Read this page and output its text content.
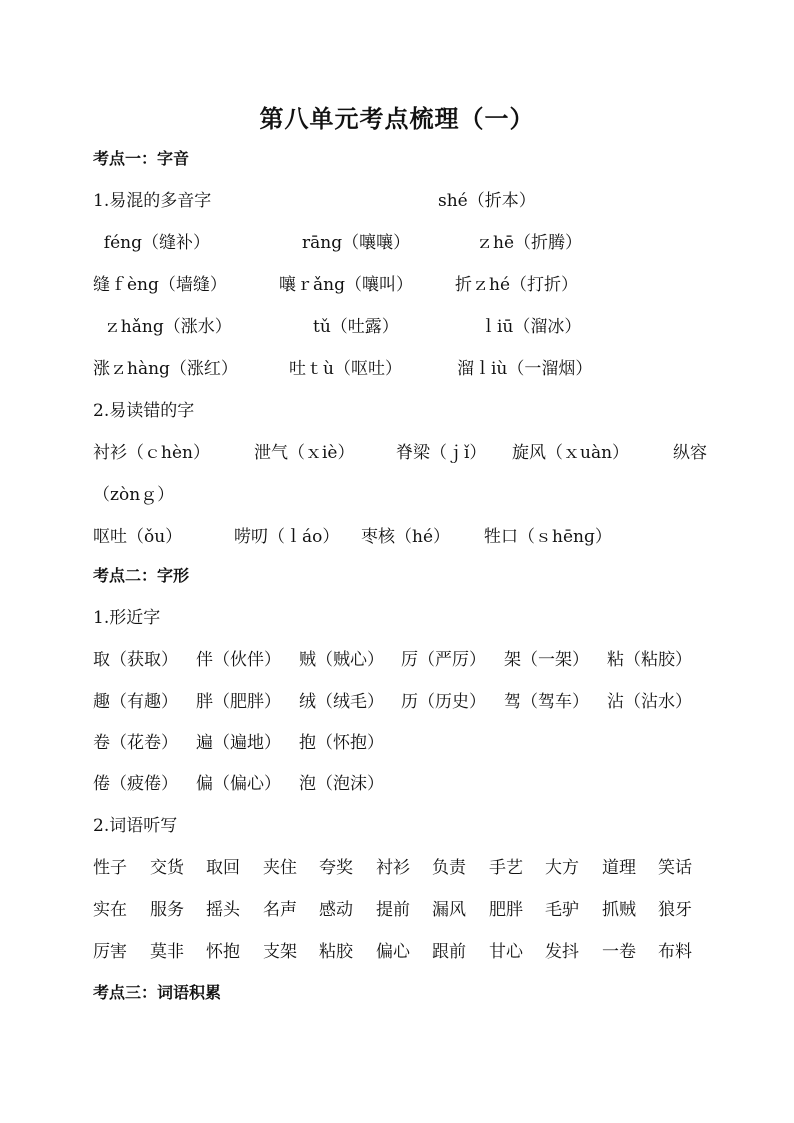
第八单元考点梳理（一）
考点一：字音
1.易混的多音字	shé（折本）
féng（缝补）	rāng（嚷嚷）	ｚhē（折腾）
缝ｆèng（墙缝）	嚷ｒǎng（嚷叫） 折ｚhé（打折）
ｚhǎng（涨水）	tǔ（吐露）	ｌiū（溜冰）
涨ｚhàng（涨红）	吐ｔù（呕吐）	溜ｌiù（一溜烟）
2.易读错的字
衬衫（ｃhèn）	泄气（ｘiè） 脊梁（ｊǐ） 旋风（ｘuàn）	纵容
（zònｇ）
呕吐（ǒu）	唠叨（ｌáo） 枣核（hé） 牲口（ｓhēnɡ）
考点二：字形
1.形近字
取（获取） 伴（伙伴） 贼（贼心） 厉（严厉） 架（一架） 粘（粘胶）
趣（有趣） 胖（肥胖） 绒（绒毛） 历（历史） 驾（驾车） 沾（沾水）
卷（花卷） 遍（遍地） 抱（怀抱）
倦（疲倦） 偏（偏心） 泡（泡沫）
2.词语听写
性子 交货 取回 夹住 夸奖 衬衫 负责 手艺 大方 道理 笑话
实在 服务 摇头 名声 感动 提前 漏风 肥胖 毛驴 抓贼 狼牙
厉害 莫非 怀抱 支架 粘胶 偏心 跟前 甘心 发抖 一卷 布料
考点三：词语积累
